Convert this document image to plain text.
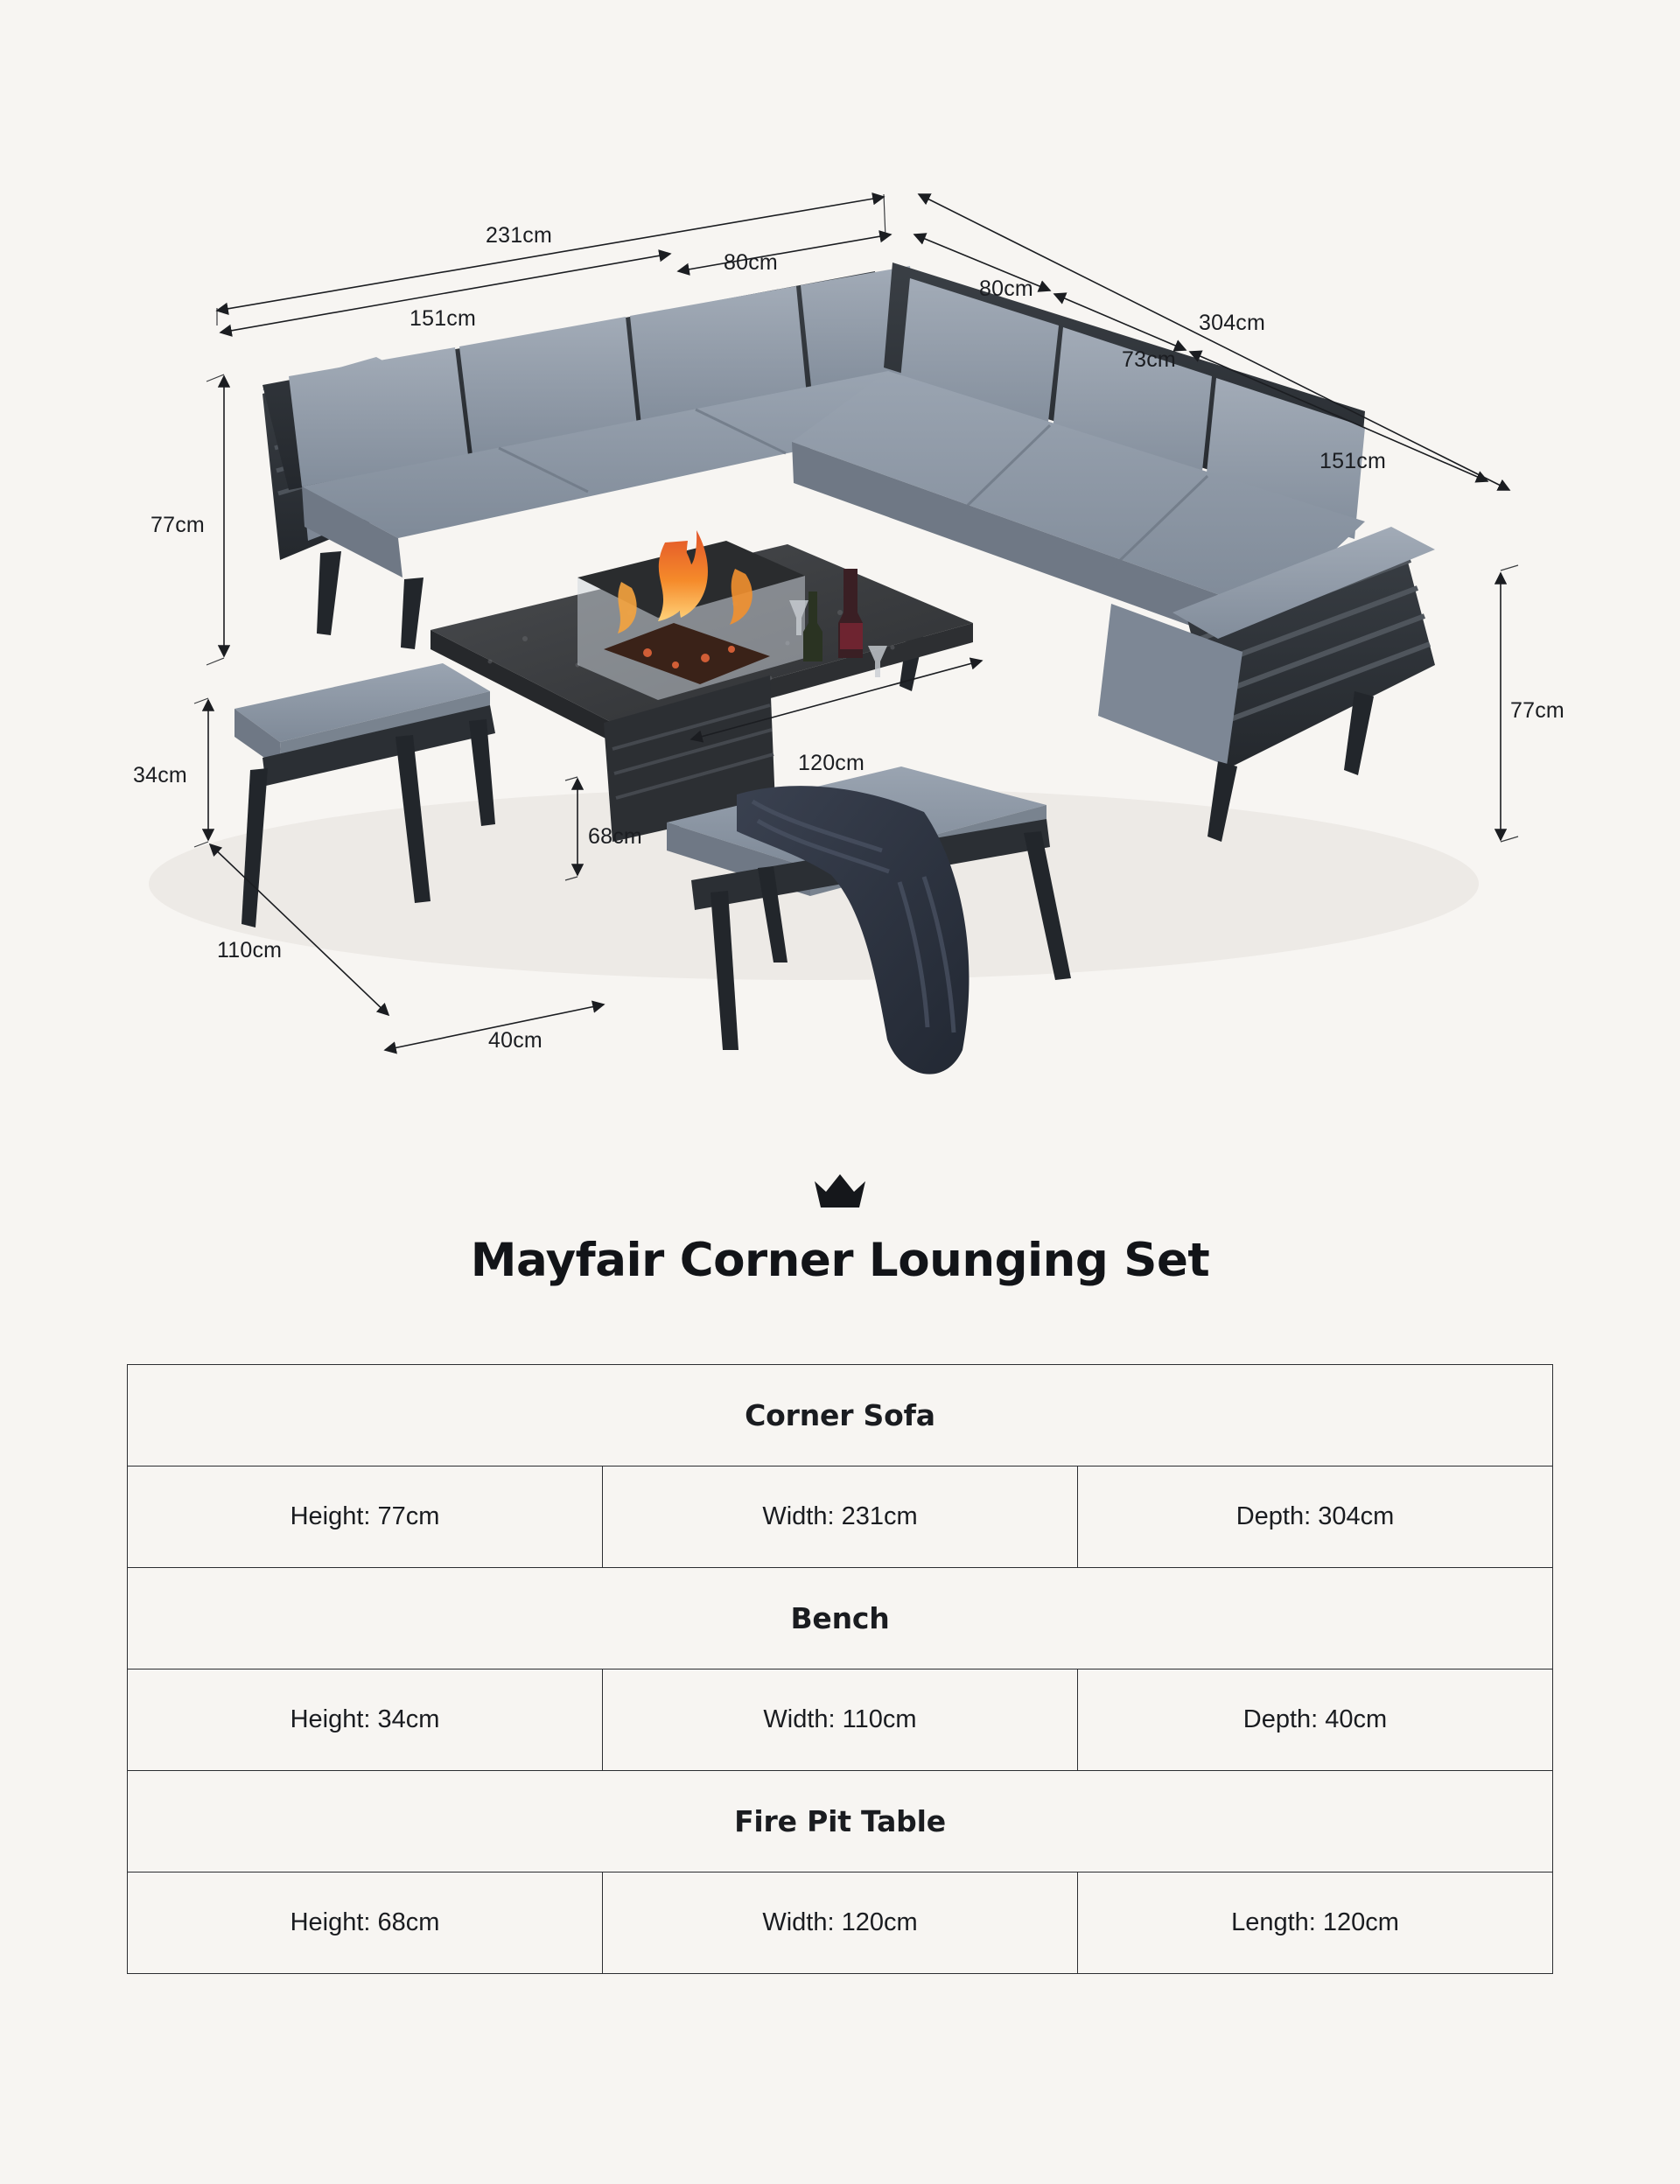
231cm
80cm
151cm
80cm
304cm
73cm
151cm
77cm
77cm
120cm
68cm
34cm
110cm
40cm
Mayfair Corner Lounging Set
Corner Sofa		
Height: 77cm	Width: 231cm	Depth: 304cm
Bench		
Height: 34cm	Width: 110cm	Depth: 40cm
Fire Pit Table		
Height: 68cm	Width: 120cm	Length: 120cm
